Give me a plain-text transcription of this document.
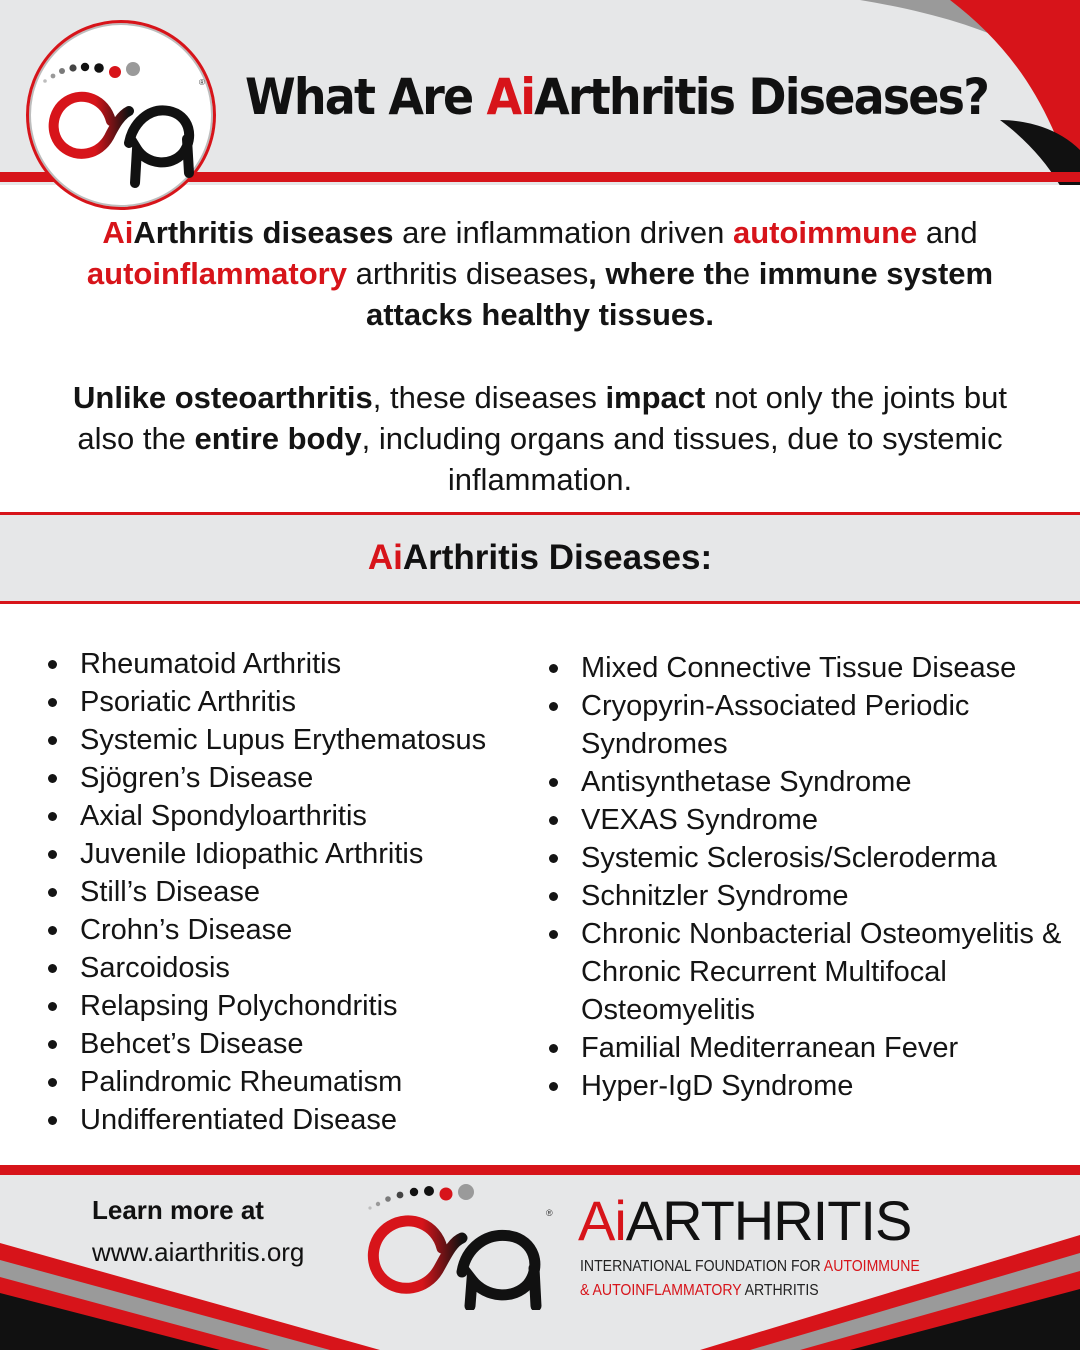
® What Are AiArthritis Diseases?

AiArthritis diseases are inflammation driven autoimmune and autoinflammatory arthritis diseases, where the immune system attacks healthy tissues.

Unlike osteoarthritis, these diseases impact not only the joints but also the entire body, including organs and tissues, due to systemic inflammation.

AiArthritis Diseases:
Rheumatoid Arthritis
Psoriatic Arthritis
Systemic Lupus Erythematosus
Sjögren’s Disease
Axial Spondyloarthritis
Juvenile Idiopathic Arthritis
Still’s Disease
Crohn’s Disease
Sarcoidosis
Relapsing Polychondritis
Behcet’s Disease
Palindromic Rheumatism
Undifferentiated Disease
Mixed Connective Tissue Disease
Cryopyrin-Associated Periodic Syndromes
Antisynthetase Syndrome
VEXAS Syndrome
Systemic Sclerosis/Scleroderma
Schnitzler Syndrome
Chronic Nonbacterial Osteomyelitis & Chronic Recurrent Multifocal Osteomyelitis
Familial Mediterranean Fever
Hyper-IgD Syndrome
Learn more at
www.aiarthritis.org
® AiARTHRITIS
INTERNATIONAL FOUNDATION FOR AUTOIMMUNE
& AUTOINFLAMMATORY ARTHRITIS
